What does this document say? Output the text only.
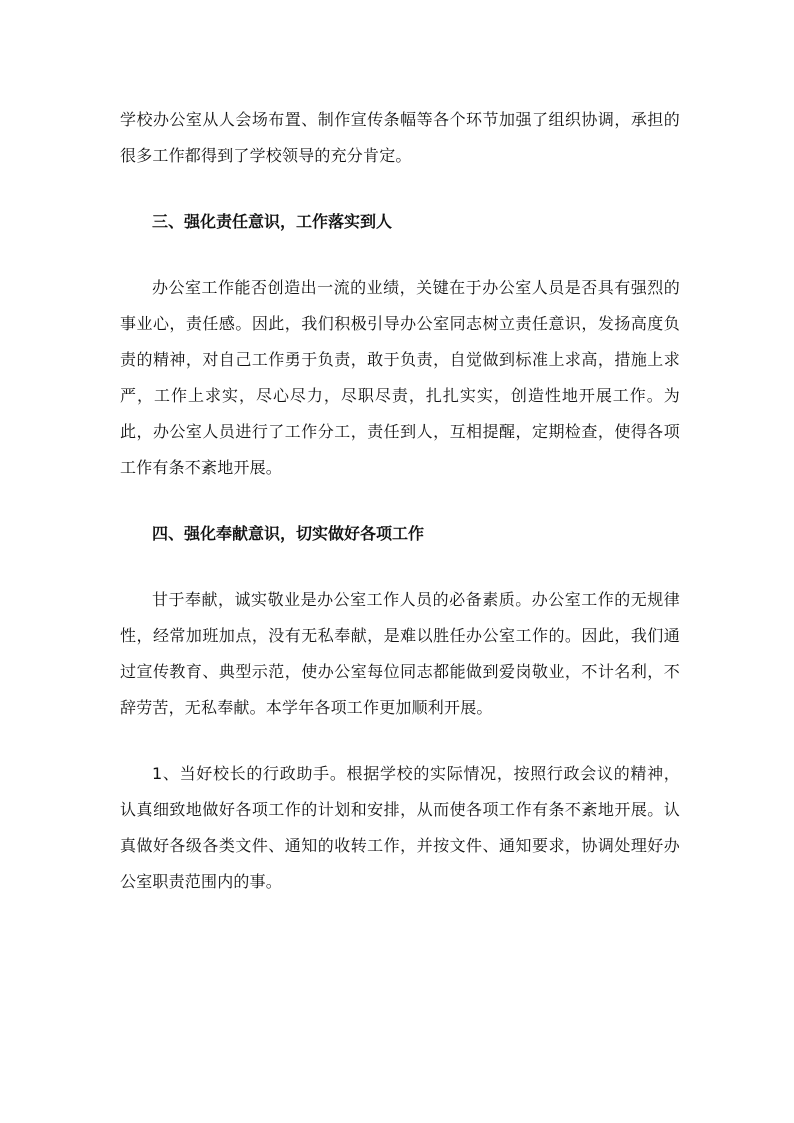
学校办公室从人会场布置、制作宣传条幅等各个环节加强了组织协调，承担的很多工作都得到了学校领导的充分肯定。

三、强化责任意识，工作落实到人

办公室工作能否创造出一流的业绩，关键在于办公室人员是否具有强烈的事业心，责任感。因此，我们积极引导办公室同志树立责任意识，发扬高度负责的精神，对自己工作勇于负责，敢于负责，自觉做到标准上求高，措施上求严，工作上求实，尽心尽力，尽职尽责，扎扎实实，创造性地开展工作。为此，办公室人员进行了工作分工，责任到人，互相提醒，定期检查，使得各项工作有条不紊地开展。

四、强化奉献意识，切实做好各项工作

甘于奉献，诚实敬业是办公室工作人员的必备素质。办公室工作的无规律性，经常加班加点，没有无私奉献，是难以胜任办公室工作的。因此，我们通过宣传教育、典型示范，使办公室每位同志都能做到爱岗敬业，不计名利，不辞劳苦，无私奉献。本学年各项工作更加顺利开展。

1、当好校长的行政助手。根据学校的实际情况，按照行政会议的精神，认真细致地做好各项工作的计划和安排，从而使各项工作有条不紊地开展。认真做好各级各类文件、通知的收转工作，并按文件、通知要求，协调处理好办公室职责范围内的事。
